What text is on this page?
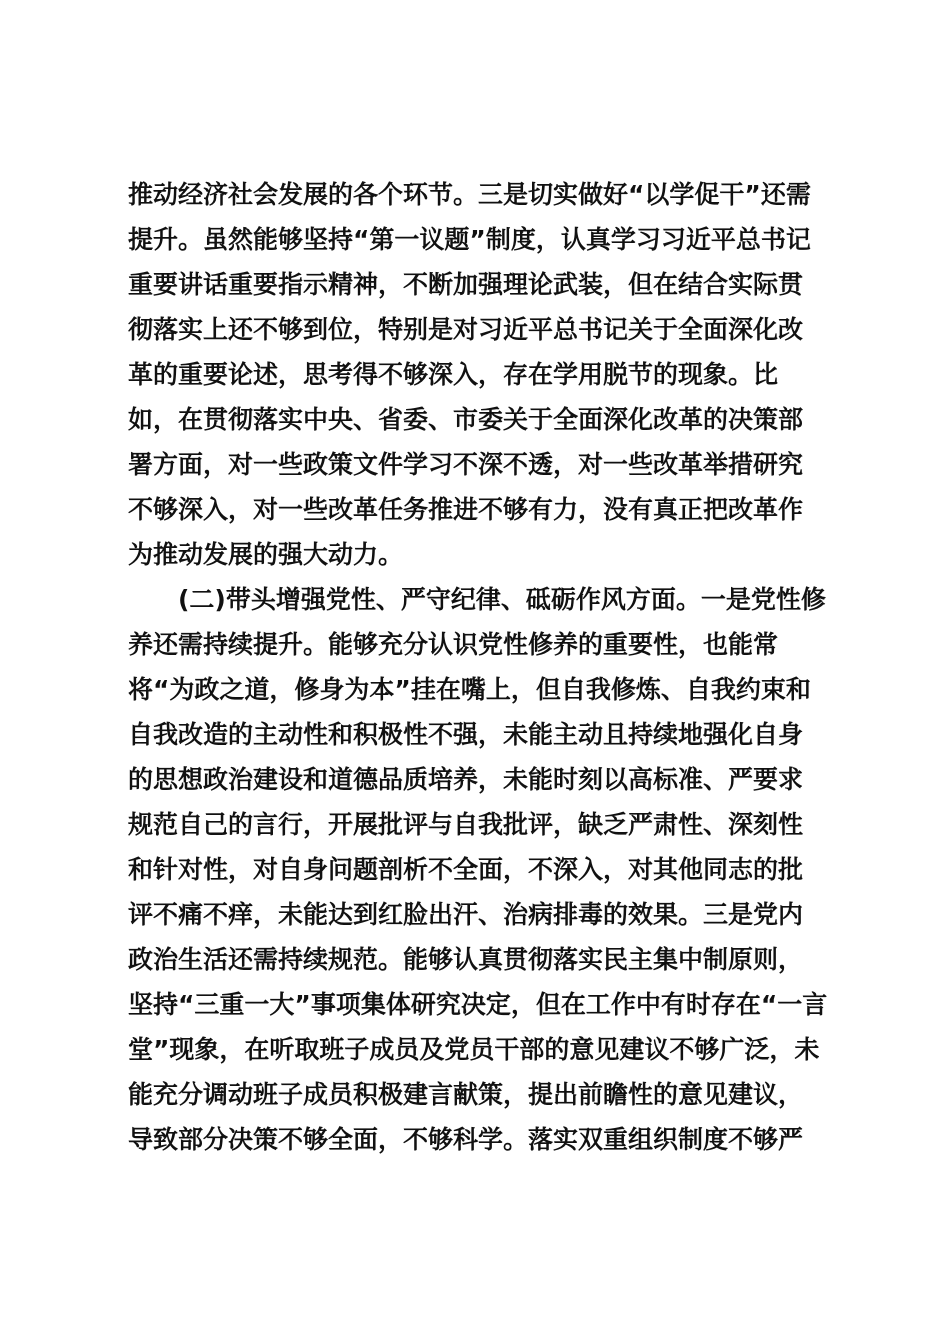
推动经济社会发展的各个环节。三是切实做好“以学促干”还需
提升。虽然能够坚持“第一议题”制度，认真学习习近平总书记
重要讲话重要指示精神，不断加强理论武装，但在结合实际贯
彻落实上还不够到位，特别是对习近平总书记关于全面深化改
革的重要论述，思考得不够深入，存在学用脱节的现象。比
如，在贯彻落实中央、省委、市委关于全面深化改革的决策部
署方面，对一些政策文件学习不深不透，对一些改革举措研究
不够深入，对一些改革任务推进不够有力，没有真正把改革作
为推动发展的强大动力。
(二)带头增强党性、严守纪律、砥砺作风方面。一是党性修
养还需持续提升。能够充分认识党性修养的重要性，也能常
将“为政之道，修身为本”挂在嘴上，但自我修炼、自我约束和
自我改造的主动性和积极性不强，未能主动且持续地强化自身
的思想政治建设和道德品质培养，未能时刻以高标准、严要求
规范自己的言行，开展批评与自我批评，缺乏严肃性、深刻性
和针对性，对自身问题剖析不全面，不深入，对其他同志的批
评不痛不痒，未能达到红脸出汗、治病排毒的效果。三是党内
政治生活还需持续规范。能够认真贯彻落实民主集中制原则，
坚持“三重一大”事项集体研究决定，但在工作中有时存在“一言
堂”现象，在听取班子成员及党员干部的意见建议不够广泛，未
能充分调动班子成员积极建言献策，提出前瞻性的意见建议，
导致部分决策不够全面，不够科学。落实双重组织制度不够严
